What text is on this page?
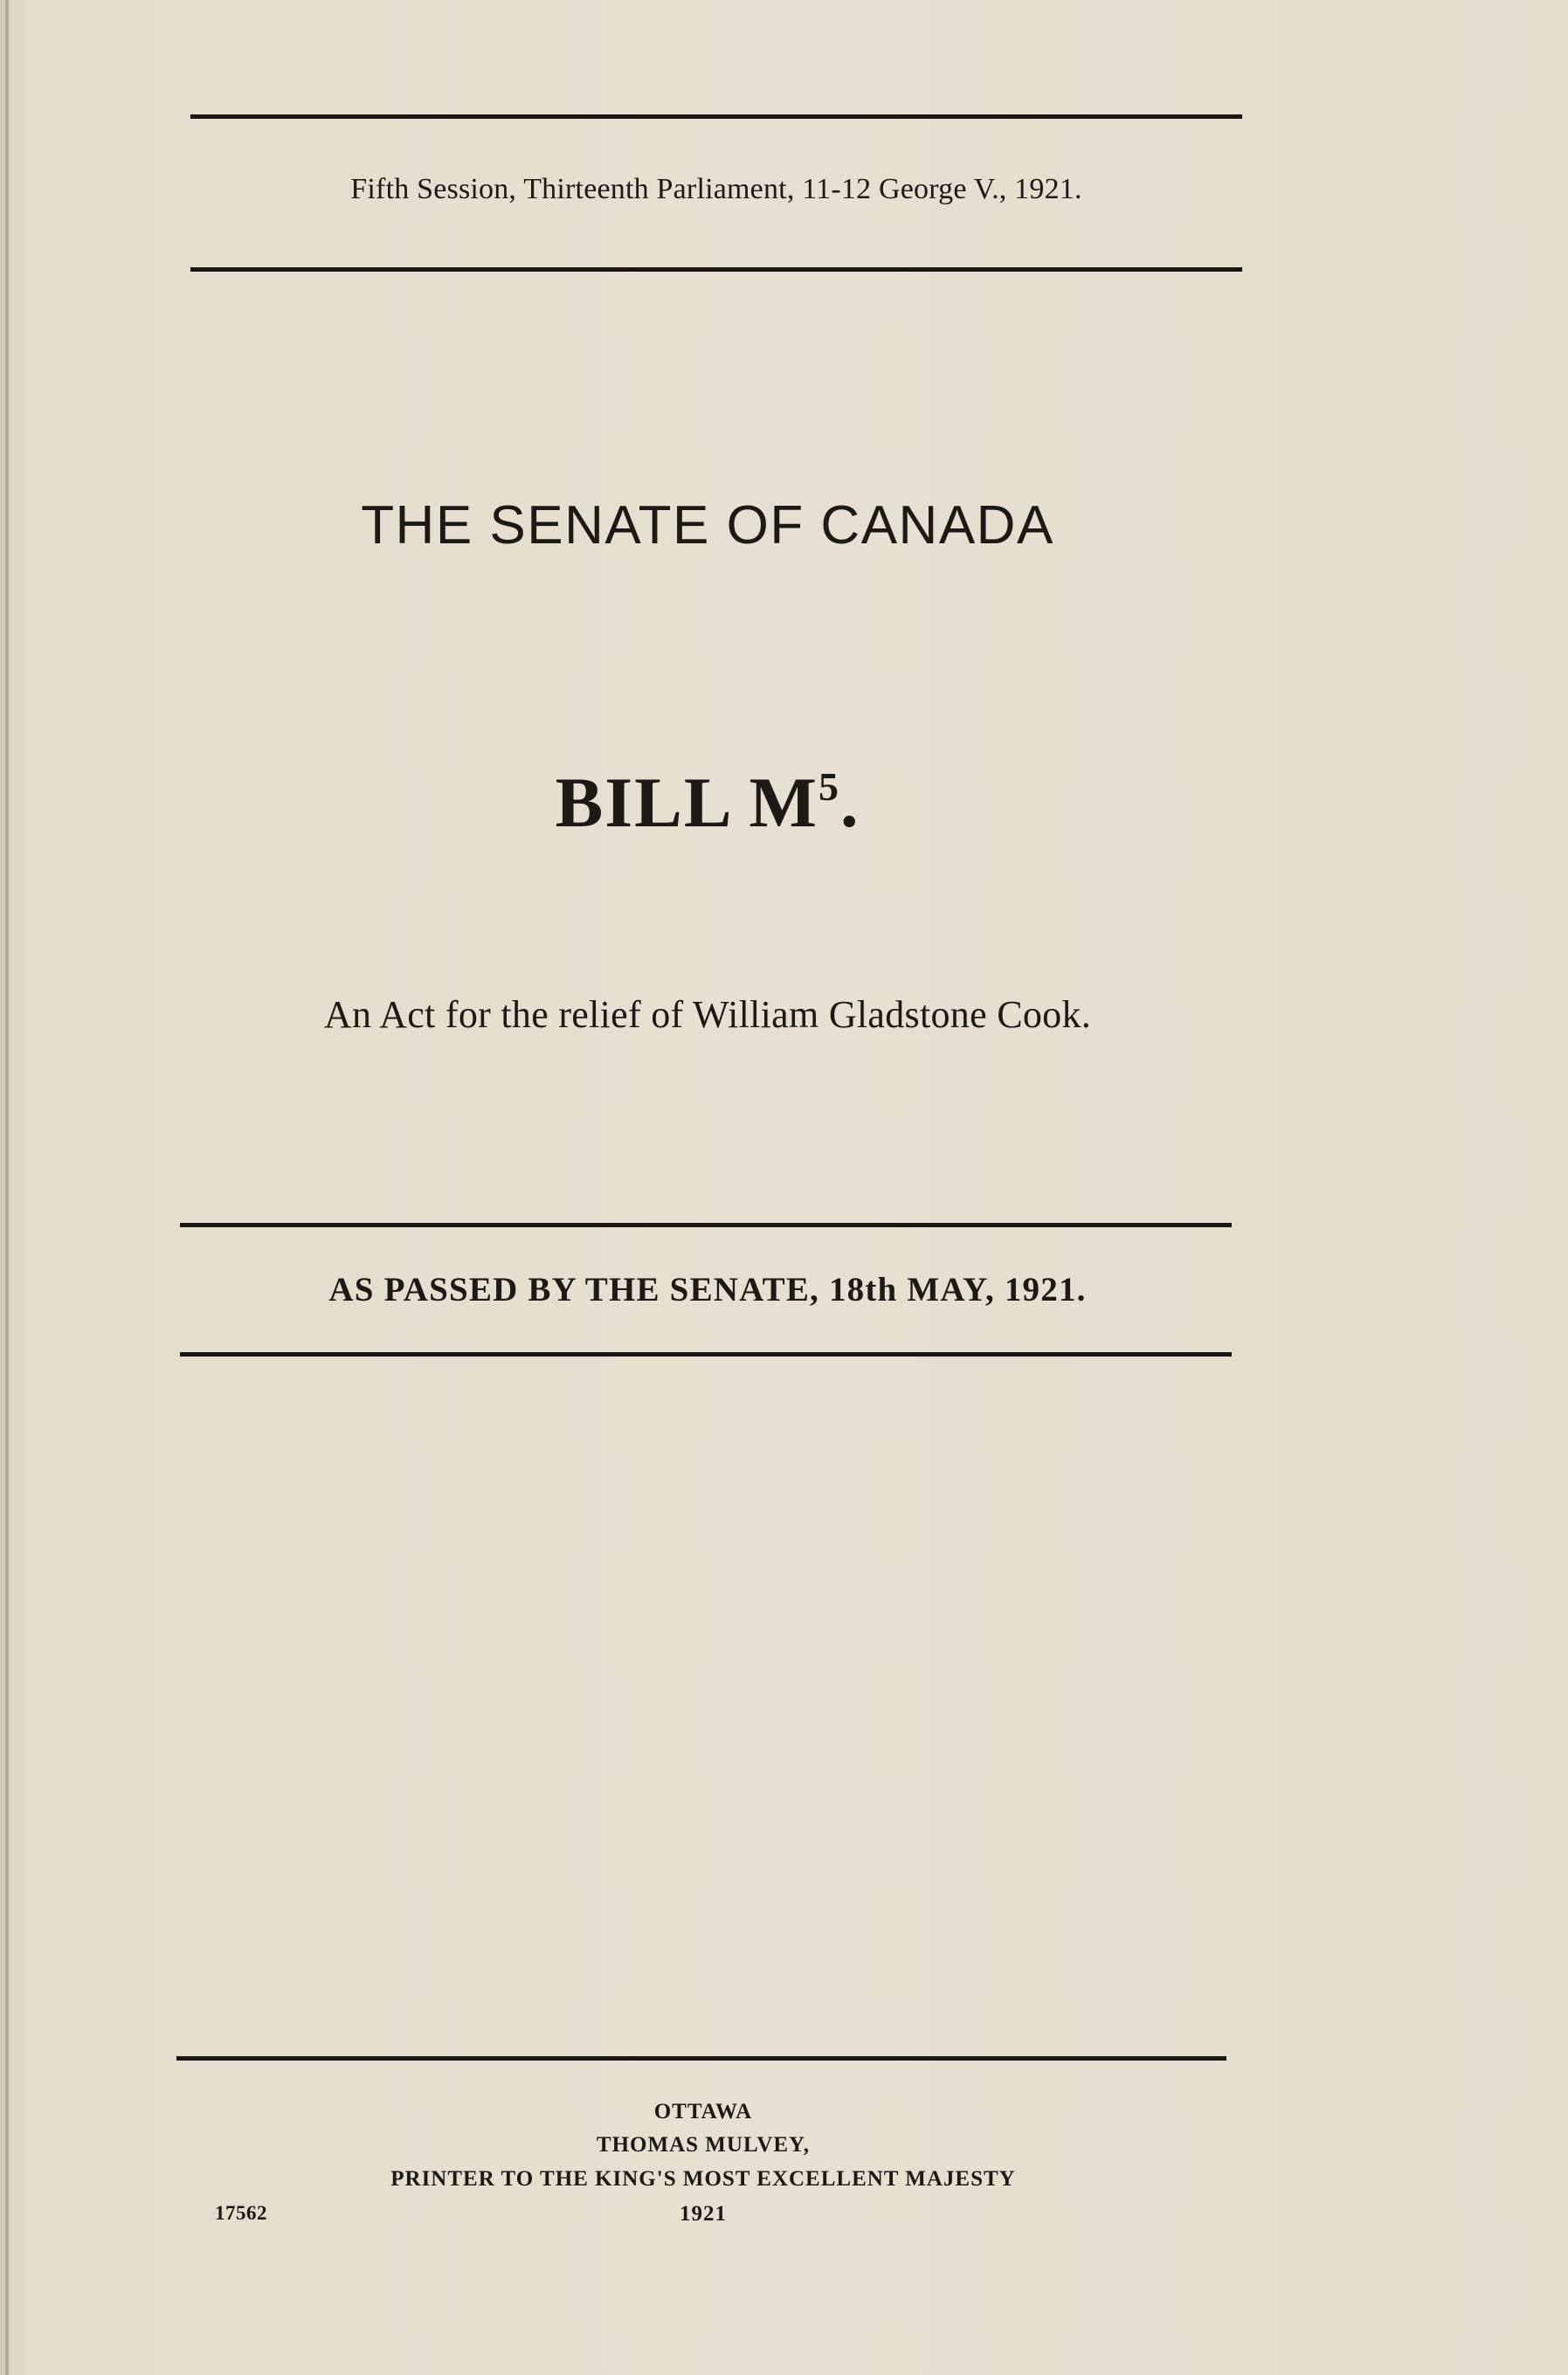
Fifth Session, Thirteenth Parliament, 11-12 George V., 1921.
THE SENATE OF CANADA
BILL $M^5$.
An Act for the relief of William Gladstone Cook.
AS PASSED BY THE SENATE, 18th MAY, 1921.
OTTAWA
THOMAS MULVEY,
PRINTER TO THE KING'S MOST EXCELLENT MAJESTY
1921
17562
